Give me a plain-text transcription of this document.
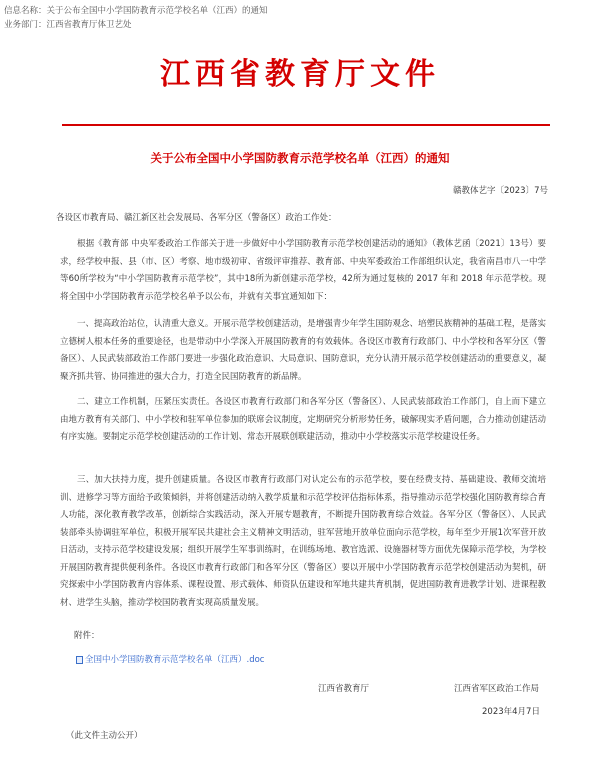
信息名称：关于公布全国中小学国防教育示范学校名单（江西）的通知
业务部门：江西省教育厅体卫艺处
江西省教育厅文件
关于公布全国中小学国防教育示范学校名单（江西）的通知
赣教体艺字〔2023〕7号
各设区市教育局、赣江新区社会发展局、各军分区（警备区）政治工作处：

根据《教育部 中央军委政治工作部关于进一步做好中小学国防教育示范学校创建活动的通知》（教体艺函〔2021〕13号）要求，经学校申报、县（市、区）考察、地市级初审、省级评审推荐、教育部、中央军委政治工作部组织认定，我省南昌市八一中学等60所学校为“中小学国防教育示范学校”，其中18所为新创建示范学校，42所为通过复核的 2017 年和 2018 年示范学校。现将全国中小学国防教育示范学校名单予以公布，并就有关事宜通知如下：

一、提高政治站位，认清重大意义。开展示范学校创建活动，是增强青少年学生国防观念、培塑民族精神的基础工程，是落实立德树人根本任务的重要途径，也是带动中小学深入开展国防教育的有效载体。各设区市教育行政部门、中小学校和各军分区（警备区）、人民武装部政治工作部门要进一步强化政治意识、大局意识、国防意识，充分认清开展示范学校创建活动的重要意义，凝聚齐抓共管、协同推进的强大合力，打造全民国防教育的新品牌。

二、建立工作机制，压紧压实责任。各设区市教育行政部门和各军分区（警备区）、人民武装部政治工作部门，自上而下建立由地方教育有关部门、中小学校和驻军单位参加的联席会议制度，定期研究分析形势任务，破解现实矛盾问题，合力推动创建活动有序实施。要制定示范学校创建活动的工作计划、常态开展联创联建活动，推动中小学校落实示范学校建设任务。

三、加大扶持力度，提升创建质量。各设区市教育行政部门对认定公布的示范学校，要在经费支持、基础建设、教师交流培训、进修学习等方面给予政策倾斜，并将创建活动纳入教学质量和示范学校评估指标体系，指导推动示范学校强化国防教育综合育人功能，深化教育教学改革，创新综合实践活动，深入开展专题教育，不断提升国防教育综合效益。各军分区（警备区）、人民武装部牵头协调驻军单位，积极开展军民共建社会主义精神文明活动，驻军营地开放单位面向示范学校，每年至少开展1次军营开放日活动，支持示范学校建设发展；组织开展学生军事训练时，在训练场地、教官选派、设施器材等方面优先保障示范学校，为学校开展国防教育提供便利条件。各设区市教育行政部门和各军分区（警备区）要以开展中小学国防教育示范学校创建活动为契机，研究探索中小学国防教育内容体系、课程设置、形式载体、师资队伍建设和军地共建共育机制，促进国防教育进教学计划、进课程教材、进学生头脑，推动学校国防教育实现高质量发展。

附件：
全国中小学国防教育示范学校名单（江西）.doc
江西省教育厅	江西省军区政治工作局
2023年4月7日
（此文件主动公开）
